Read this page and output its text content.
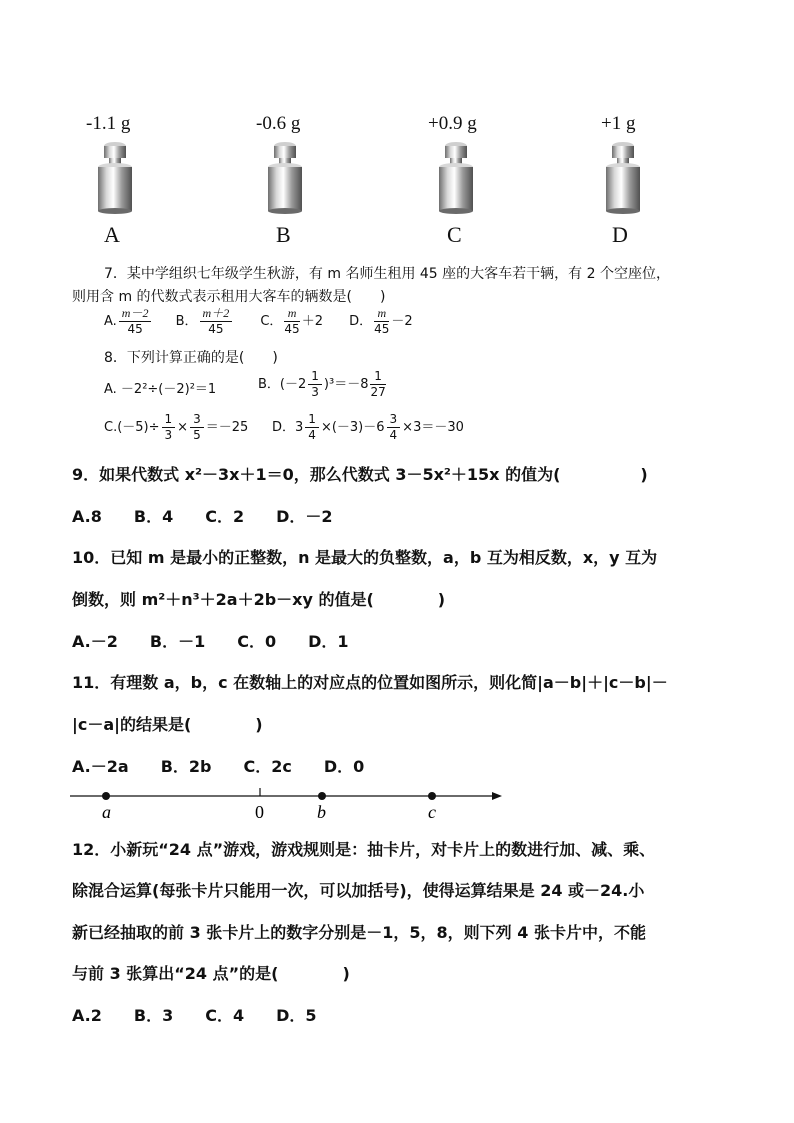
-1.1 g	-0.6 g	+0.9 g	+1 g
A	B	C	D
7．某中学组织七年级学生秋游，有 m 名师生租用 45 座的大客车若干辆，有 2 个空座位，
则用含 m 的代数式表示租用大客车的辆数是(　　)
A. $\frac{m-2}{45}$ B． $\frac{m+2}{45}$ C． $\frac{m}{45} +2$ D． $\frac{m}{45} -2$
8．下列计算正确的是(　　)
A. －2²÷(－2)²＝1	B．$(-2 \frac{1}{3} )^3=-8 \frac{1}{27}$
$C.(-5)\div \frac{1}{3} \times \frac{3}{5} =-25$ D．$3 \frac{1}{4} \times(-3)-6 \frac{3}{4} \times 3=-30$
9．如果代数式 x²－3x＋1＝0，那么代数式 3－5x²＋15x 的值为(　　　　　)
A.8　　B．4　　C．2　　D．－2
10．已知 m 是最小的正整数，n 是最大的负整数，a，b 互为相反数，x，y 互为
倒数，则 m²＋n³＋2a＋2b－xy 的值是(　　　　)
A.－2　　B．－1　　C．0　　D．1
11．有理数 a，b，c 在数轴上的对应点的位置如图所示，则化简|a－b|＋|c－b|－
|c－a|的结果是(　　　　)
A.－2a　　B．2b　　C．2c　　D．0
a	0	b	c
12．小新玩“24 点”游戏，游戏规则是：抽卡片，对卡片上的数进行加、减、乘、
除混合运算(每张卡片只能用一次，可以加括号)，使得运算结果是 24 或－24.小
新已经抽取的前 3 张卡片上的数字分别是－1，5，8，则下列 4 张卡片中，不能
与前 3 张算出“24 点”的是(　　　　)
A.2　　B．3　　C．4　　D．5
